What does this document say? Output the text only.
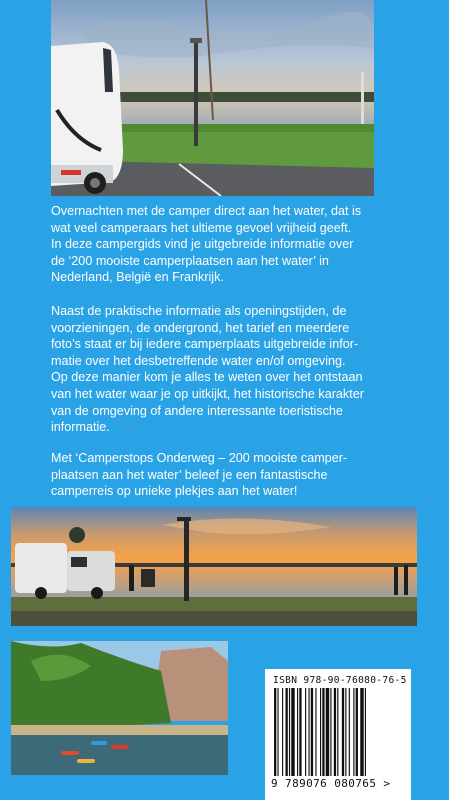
Overnachten met de camper direct aan het water, dat is
wat veel camperaars het ultieme gevoel vrijheid geeft.
In deze campergids vind je uitgebreide informatie over
de ‘200 mooiste camperplaatsen aan het water’ in
Nederland, België en Frankrijk.

Naast de praktische informatie als openingstijden, de
voorzieningen, de ondergrond, het tarief en meerdere
foto’s staat er bij iedere camperplaats uitgebreide infor-
matie over het desbetreffende water en/of omgeving.
Op deze manier kom je alles te weten over het ontstaan
van het water waar je op uitkijkt, het historische karakter
van de omgeving of andere interessante toeristische
informatie.

Met ‘Camperstops Onderweg – 200 mooiste camper-
plaatsen aan het water’ beleef je een fantastische
camperreis op unieke plekjes aan het water!

ISBN 978-90-76080-76-5
9 789076 080765 >
